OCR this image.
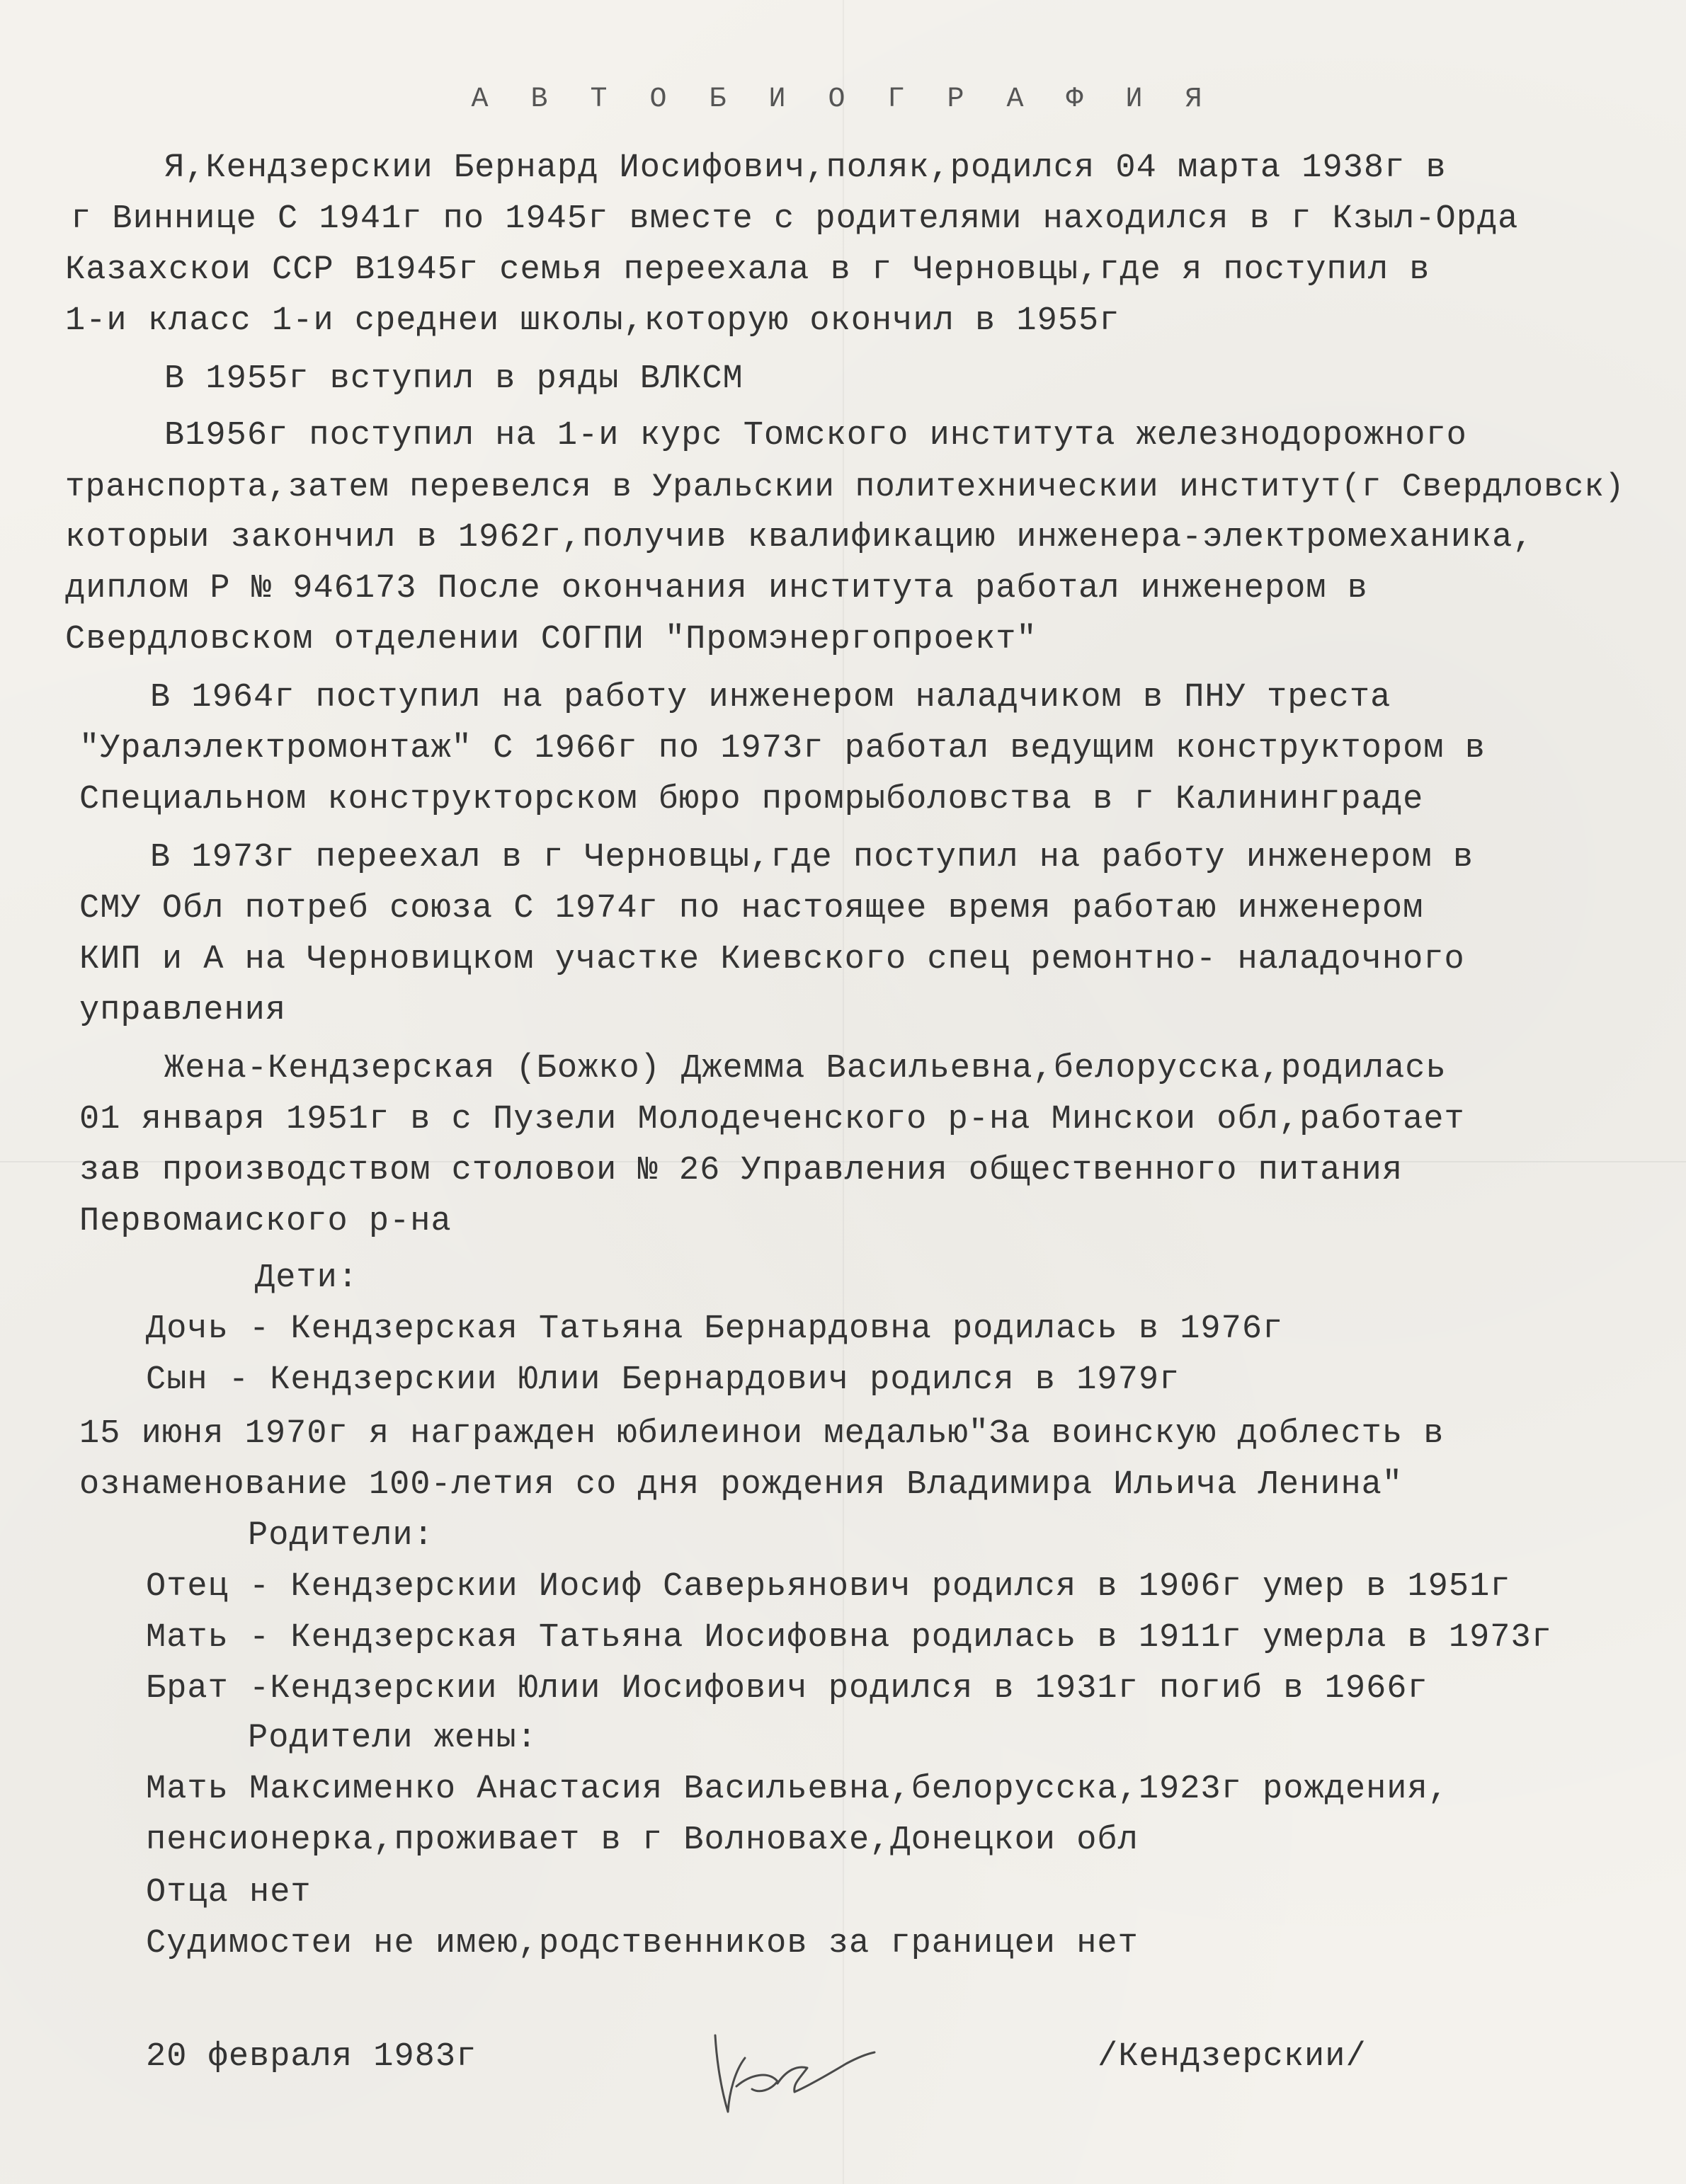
А В Т О Б И О Г Р А Ф И Я
Я,Кендзерскии Бернард Иосифович,поляк,родился 04 марта 1938г в
г Виннице С 1941г по 1945г вместе с родителями находился в г Кзыл-Орда
Казахскои ССР В1945г семья переехала в г Черновцы,где я поступил в
1-и класс 1-и среднеи школы,которую окончил в 1955г
В 1955г вступил в ряды ВЛКСМ
В1956г поступил на 1-и курс Томского института железнодорожного
транспорта,затем перевелся в Уральскии политехническии институт(г Свердловск)
которыи закончил в 1962г,получив квалификацию инженера-электромеханика,
диплом Р № 946173 После окончания института работал инженером в
Свердловском отделении СОГПИ "Промэнергопроект"
В 1964г поступил на работу инженером наладчиком в ПНУ треста
"Уралэлектромонтаж" С 1966г по 1973г работал ведущим конструктором в
Специальном конструкторском бюро промрыболовства в г Калининграде
В 1973г переехал в г Черновцы,где поступил на работу инженером в
СМУ Обл потреб союза С 1974г по настоящее время работаю инженером
КИП и А на Черновицком участке Киевского спец ремонтно- наладочного
управления
Жена-Кендзерская (Божко) Джемма Васильевна,белорусска,родилась
01 января 1951г в с Пузели Молодеченского р-на Минскои обл,работает
зав производством столовои № 26 Управления общественного питания
Первомаиского р-на
Дети:
Дочь - Кендзерская Татьяна Бернардовна родилась в 1976г
Сын - Кендзерскии Юлии Бернардович родился в 1979г
15 июня 1970г я награжден юбилеинои медалью"За воинскую доблесть в
ознаменование 100-летия со дня рождения Владимира Ильича Ленина"
Родители:
Отец - Кендзерскии Иосиф Саверьянович родился в 1906г умер в 1951г
Мать - Кендзерская Татьяна Иосифовна родилась в 1911г умерла в 1973г
Брат -Кендзерскии Юлии Иосифович родился в 1931г погиб в 1966г
Родители жены:
Мать Максименко Анастасия Васильевна,белорусска,1923г рождения,
пенсионерка,проживает в г Волновахе,Донецкои обл
Отца нет
Судимостеи не имею,родственников за границеи нет
20 февраля 1983г	/Кендзерскии/
